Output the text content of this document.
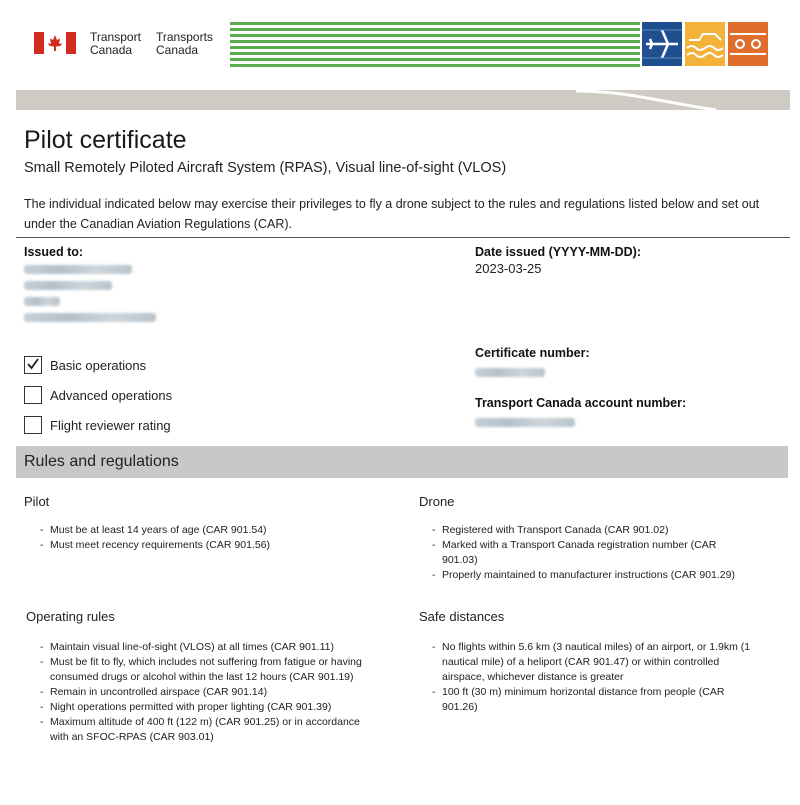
Transport
Canada
Transports
Canada
Pilot certificate
Small Remotely Piloted Aircraft System (RPAS), Visual line-of-sight (VLOS)
The individual indicated below may exercise their privileges to fly a drone subject to the rules and regulations listed below and set out under the Canadian Aviation Regulations (CAR).
Issued to:	Date issued (YYYY-MM-DD):
2023-03-25
Basic operations
Advanced operations
Flight reviewer rating
Certificate number:
Transport Canada account number:
Rules and regulations
Pilot
- Must be at least 14 years of age (CAR 901.54)
- Must meet recency requirements (CAR 901.56)
Drone
- Registered with Transport Canada (CAR 901.02)
- Marked with a Transport Canada registration number (CAR 901.03)
- Properly maintained to manufacturer instructions (CAR 901.29)
Operating rules
- Maintain visual line-of-sight (VLOS) at all times (CAR 901.11)
- Must be fit to fly, which includes not suffering from fatigue or having consumed drugs or alcohol within the last 12 hours (CAR 901.19)
- Remain in uncontrolled airspace (CAR 901.14)
- Night operations permitted with proper lighting (CAR 901.39)
- Maximum altitude of 400 ft (122 m) (CAR 901.25) or in accordance with an SFOC-RPAS (CAR 903.01)
Safe distances
- No flights within 5.6 km (3 nautical miles) of an airport, or 1.9km (1 nautical mile) of a heliport (CAR 901.47) or within controlled airspace, whichever distance is greater
- 100 ft (30 m) minimum horizontal distance from people (CAR 901.26)
